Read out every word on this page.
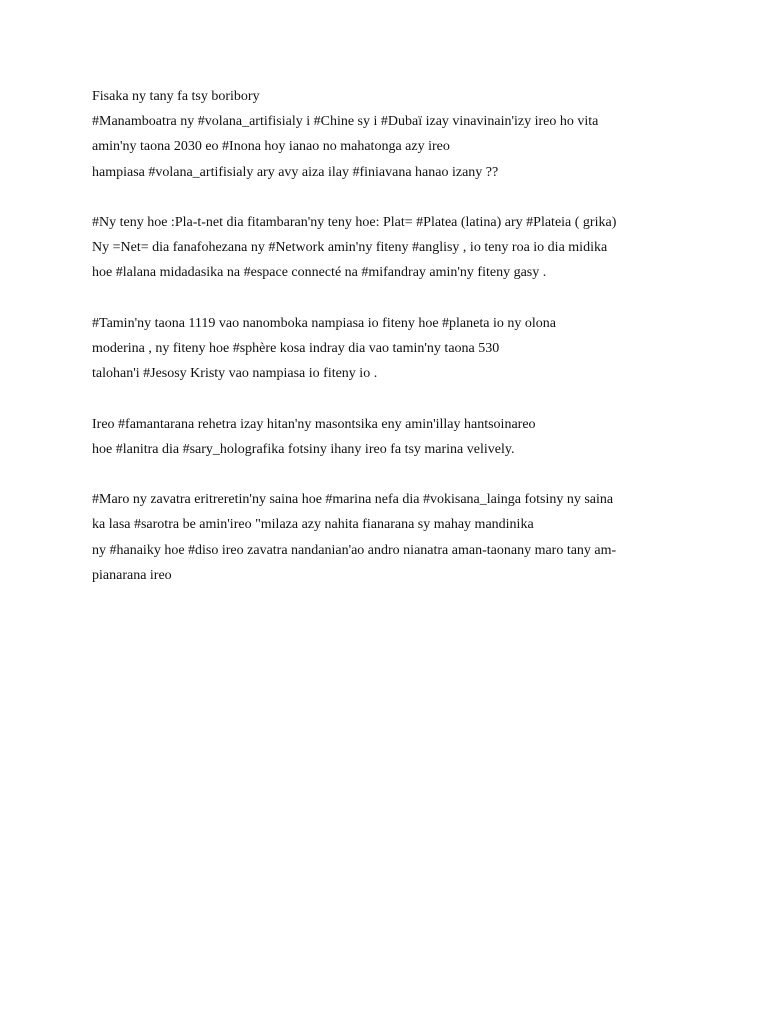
Fisaka ny tany fa tsy boribory
#Manamboatra ny #volana_artifisialy i #Chine sy i #Dubaï izay vinavinain'izy ireo ho vita
amin'ny taona 2030 eo #Inona hoy ianao no mahatonga azy ireo
hampiasa #volana_artifisialy ary avy aiza ilay #finiavana hanao izany ??

#Ny teny hoe :Pla-t-net dia fitambaran'ny teny hoe: Plat= #Platea (latina) ary #Plateia ( grika)
Ny =Net= dia fanafohezana ny #Network amin'ny fiteny #anglisy , io teny roa io dia midika
hoe #lalana midadasika na #espace connecté na #mifandray amin'ny fiteny gasy .

#Tamin'ny taona 1119 vao nanomboka nampiasa io fiteny hoe #planeta io ny olona
moderina , ny fiteny hoe #sphère kosa indray dia vao tamin'ny taona 530
talohan'i #Jesosy Kristy vao nampiasa io fiteny io .

Ireo #famantarana rehetra izay hitan'ny masontsika eny amin'illay hantsoinareo
hoe #lanitra dia #sary_holografika fotsiny ihany ireo fa tsy marina velively.

#Maro ny zavatra eritreretin'ny saina hoe #marina nefa dia #vokisana_lainga fotsiny ny saina
ka lasa #sarotra be amin'ireo "milaza azy nahita fianarana sy mahay mandinika
ny #hanaiky hoe #diso ireo zavatra nandanian'ao andro nianatra aman-taonany maro tany am-
pianarana ireo
